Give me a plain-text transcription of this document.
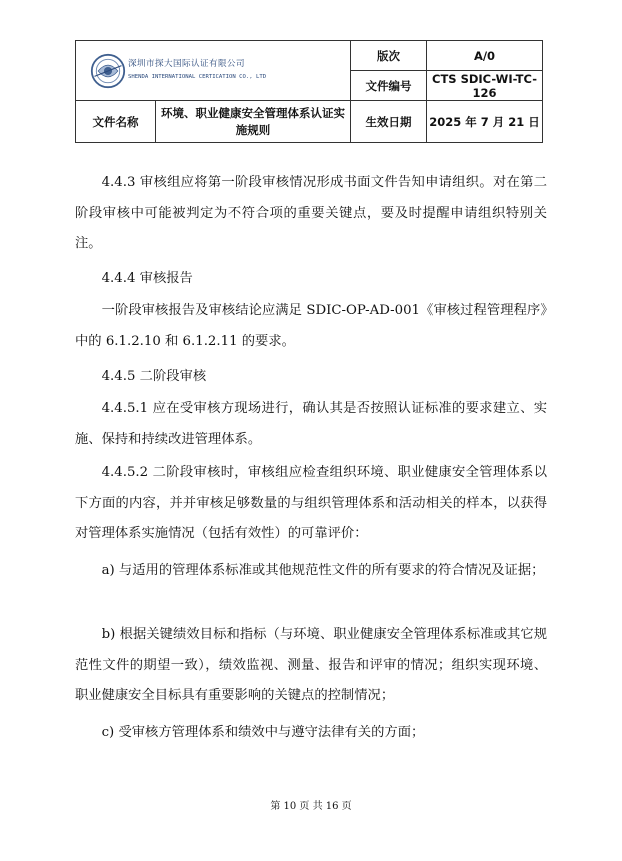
深圳市探大国际认证有限公司
SHENDA INTERNATIONAL CERTICATION CO., LTD		版次	A/0
		文件编号	CTS SDIC-WI-TC-126
文件名称	环境、职业健康安全管理体系认证实施规则	生效日期	2025 年 7 月 21 日

4.4.3 审核组应将第一阶段审核情况形成书面文件告知申请组织。对在第二阶段审核中可能被判定为不符合项的重要关键点，要及时提醒申请组织特别关注。

4.4.4 审核报告

一阶段审核报告及审核结论应满足 SDIC-OP-AD-001《审核过程管理程序》中的 6.1.2.10 和 6.1.2.11 的要求。

4.4.5 二阶段审核

4.4.5.1 应在受审核方现场进行，确认其是否按照认证标准的要求建立、实施、保持和持续改进管理体系。

4.4.5.2 二阶段审核时，审核组应检查组织环境、职业健康安全管理体系以下方面的内容，并并审核足够数量的与组织管理体系和活动相关的样本，以获得对管理体系实施情况（包括有效性）的可靠评价：

a) 与适用的管理体系标准或其他规范性文件的所有要求的符合情况及证据；

b) 根据关键绩效目标和指标（与环境、职业健康安全管理体系标准或其它规范性文件的期望一致），绩效监视、测量、报告和评审的情况；组织实现环境、职业健康安全目标具有重要影响的关键点的控制情况；

c) 受审核方管理体系和绩效中与遵守法律有关的方面；

第 10 页 共 16 页
